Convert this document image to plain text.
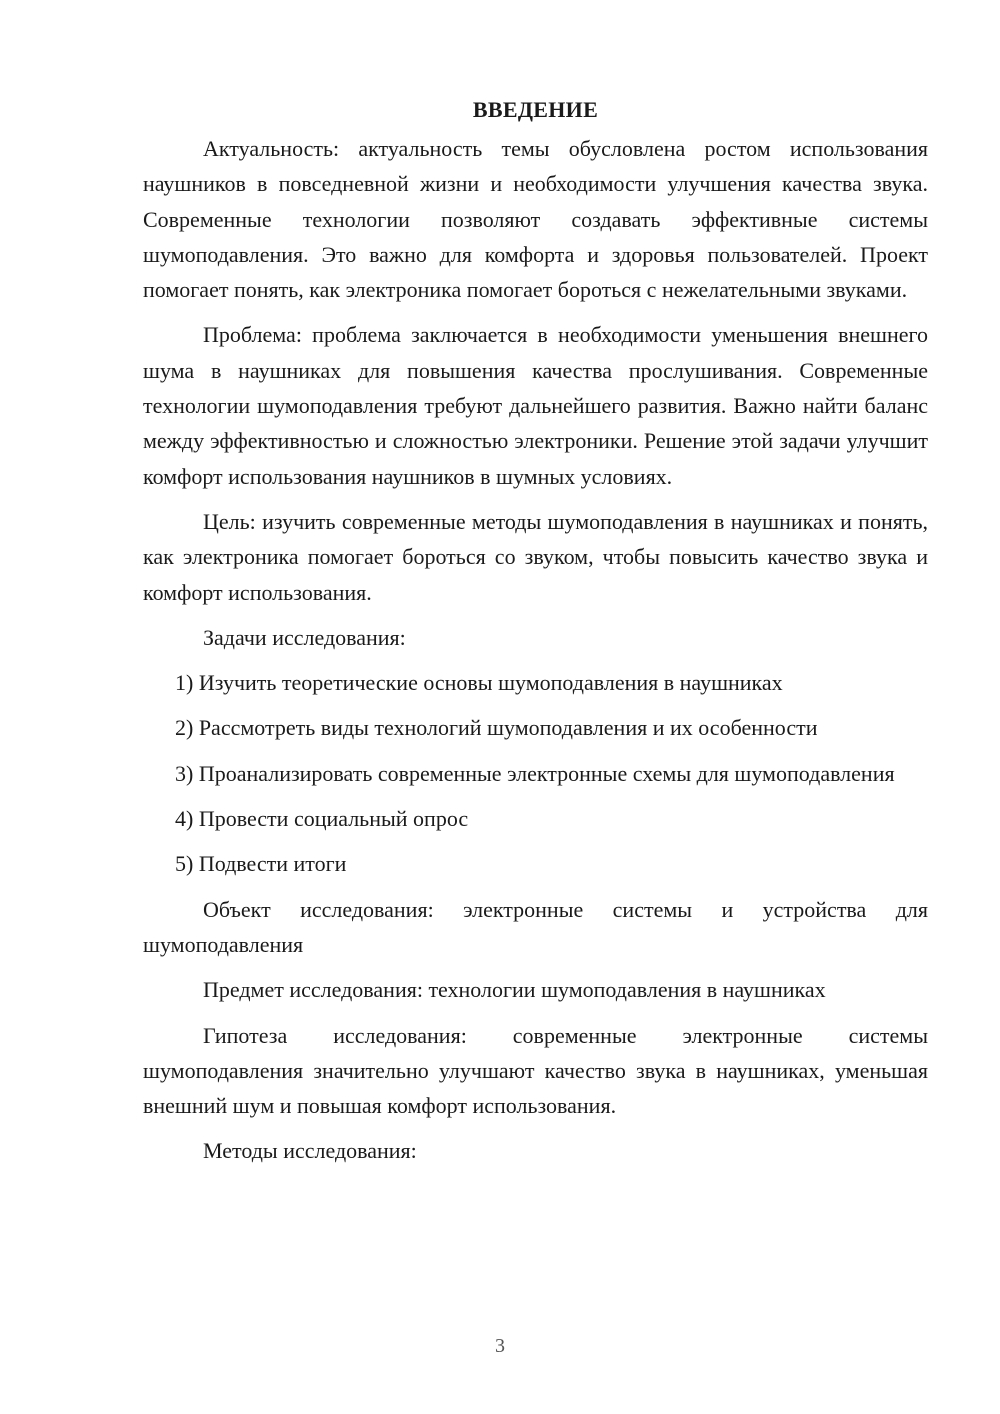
ВВЕДЕНИЕ

Актуальность: актуальность темы обусловлена ростом использования наушников в повседневной жизни и необходимости улучшения качества звука. Современные технологии позволяют создавать эффективные системы шумоподавления. Это важно для комфорта и здоровья пользователей. Проект помогает понять, как электроника помогает бороться с нежелательными звуками.

Проблема: проблема заключается в необходимости уменьшения внешнего шума в наушниках для повышения качества прослушивания. Современные технологии шумоподавления требуют дальнейшего развития. Важно найти баланс между эффективностью и сложностью электроники. Решение этой задачи улучшит комфорт использования наушников в шумных условиях.

Цель: изучить современные методы шумоподавления в наушниках и понять, как электроника помогает бороться со звуком, чтобы повысить качество звука и комфорт использования.

Задачи исследования:

1) Изучить теоретические основы шумоподавления в наушниках

2) Рассмотреть виды технологий шумоподавления и их особенности

3) Проанализировать современные электронные схемы для шумоподавления

4) Провести социальный опрос

5) Подвести итоги

Объект исследования: электронные системы и устройства для шумоподавления

Предмет исследования: технологии шумоподавления в наушниках

Гипотеза исследования: современные электронные системы шумоподавления значительно улучшают качество звука в наушниках, уменьшая внешний шум и повышая комфорт использования.

Методы исследования:

3
